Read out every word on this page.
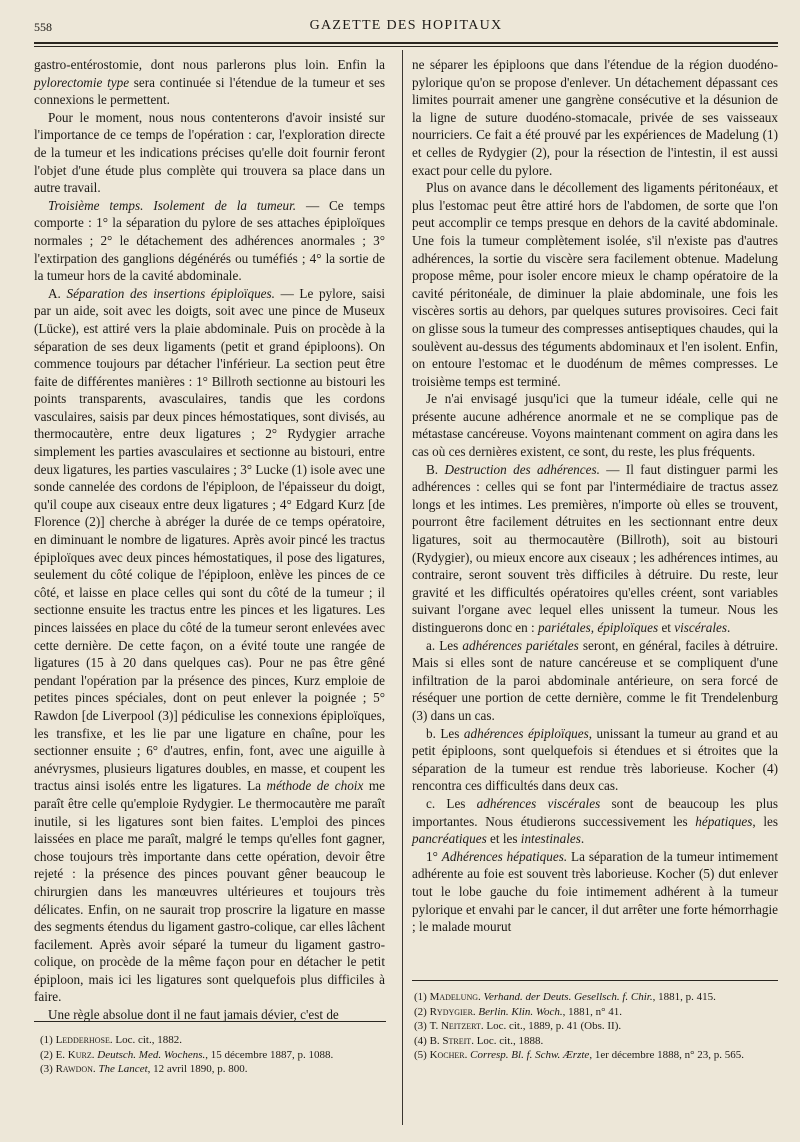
558	GAZETTE DES HOPITAUX

gastro-entérostomie, dont nous parlerons plus loin. Enfin la pylorectomie type sera continuée si l'étendue de la tumeur et ses connexions le permettent.

Pour le moment, nous nous contenterons d'avoir insisté sur l'importance de ce temps de l'opération : car, l'exploration directe de la tumeur et les indications précises qu'elle doit fournir feront l'objet d'une étude plus complète qui trouvera sa place dans un autre travail.

Troisième temps. Isolement de la tumeur. — Ce temps comporte : 1° la séparation du pylore de ses attaches épiploïques normales ; 2° le détachement des adhérences anormales ; 3° l'extirpation des ganglions dégénérés ou tuméfiés ; 4° la sortie de la tumeur hors de la cavité abdominale.

A. Séparation des insertions épiploïques. — Le pylore, saisi par un aide, soit avec les doigts, soit avec une pince de Museux (Lücke), est attiré vers la plaie abdominale. Puis on procède à la séparation de ses deux ligaments (petit et grand épiploons). On commence toujours par détacher l'inférieur. La section peut être faite de différentes manières : 1° Billroth sectionne au bistouri les points transparents, avasculaires, tandis que les cordons vasculaires, saisis par deux pinces hémostatiques, sont divisés, au thermocautère, entre deux ligatures ; 2° Rydygier arrache simplement les parties avasculaires et sectionne au bistouri, entre deux ligatures, les parties vasculaires ; 3° Lucke (1) isole avec une sonde cannelée des cordons de l'épiploon, de l'épaisseur du doigt, qu'il coupe aux ciseaux entre deux ligatures ; 4° Edgard Kurz [de Florence (2)] cherche à abréger la durée de ce temps opératoire, en diminuant le nombre de ligatures. Après avoir pincé les tractus épiploïques avec deux pinces hémostatiques, il pose des ligatures, seulement du côté colique de l'épiploon, enlève les pinces de ce côté, et laisse en place celles qui sont du côté de la tumeur ; il sectionne ensuite les tractus entre les pinces et les ligatures. Les pinces laissées en place du côté de la tumeur seront enlevées avec cette dernière. De cette façon, on a évité toute une rangée de ligatures (15 à 20 dans quelques cas). Pour ne pas être gêné pendant l'opération par la présence des pinces, Kurz emploie de petites pinces spéciales, dont on peut enlever la poignée ; 5° Rawdon [de Liverpool (3)] pédiculise les connexions épiploïques, les transfixe, et les lie par une ligature en chaîne, pour les sectionner ensuite ; 6° d'autres, enfin, font, avec une aiguille à anévrysmes, plusieurs ligatures doubles, en masse, et coupent les tractus ainsi isolés entre les ligatures. La méthode de choix me paraît être celle qu'emploie Rydygier. Le thermocautère me paraît inutile, si les ligatures sont bien faites. L'emploi des pinces laissées en place me paraît, malgré le temps qu'elles font gagner, chose toujours très importante dans cette opération, devoir être rejeté : la présence des pinces pouvant gêner beaucoup le chirurgien dans les manœuvres ultérieures et toujours très délicates. Enfin, on ne saurait trop proscrire la ligature en masse des segments étendus du ligament gastro-colique, car elles lâchent facilement. Après avoir séparé la tumeur du ligament gastro-colique, on procède de la même façon pour en détacher le petit épiploon, mais ici les ligatures sont quelquefois plus difficiles à faire.

Une règle absolue dont il ne faut jamais dévier, c'est de

ne séparer les épiploons que dans l'étendue de la région duodéno-pylorique qu'on se propose d'enlever. Un détachement dépassant ces limites pourrait amener une gangrène consécutive et la désunion de la ligne de suture duodéno-stomacale, privée de ses vaisseaux nourriciers. Ce fait a été prouvé par les expériences de Madelung (1) et celles de Rydygier (2), pour la résection de l'intestin, il est aussi exact pour celle du pylore.

Plus on avance dans le décollement des ligaments péritonéaux, et plus l'estomac peut être attiré hors de l'abdomen, de sorte que l'on peut accomplir ce temps presque en dehors de la cavité abdominale. Une fois la tumeur complètement isolée, s'il n'existe pas d'autres adhérences, la sortie du viscère sera facilement obtenue. Madelung propose même, pour isoler encore mieux le champ opératoire de la cavité péritonéale, de diminuer la plaie abdominale, une fois les viscères sortis au dehors, par quelques sutures provisoires. Ceci fait on glisse sous la tumeur des compresses antiseptiques chaudes, qui la soulèvent au-dessus des téguments abdominaux et l'en isolent. Enfin, on entoure l'estomac et le duodénum de mêmes compresses. Le troisième temps est terminé.

Je n'ai envisagé jusqu'ici que la tumeur idéale, celle qui ne présente aucune adhérence anormale et ne se complique pas de métastase cancéreuse. Voyons maintenant comment on agira dans les cas où ces dernières existent, ce sont, du reste, les plus fréquents.

B. Destruction des adhérences. — Il faut distinguer parmi les adhérences : celles qui se font par l'intermédiaire de tractus assez longs et les intimes. Les premières, n'importe où elles se trouvent, pourront être facilement détruites en les sectionnant entre deux ligatures, soit au thermocautère (Billroth), soit au bistouri (Rydygier), ou mieux encore aux ciseaux ; les adhérences intimes, au contraire, seront souvent très difficiles à détruire. Du reste, leur gravité et les difficultés opératoires qu'elles créent, sont variables suivant l'organe avec lequel elles unissent la tumeur. Nous les distinguerons donc en : pariétales, épiploïques et viscérales.

a. Les adhérences pariétales seront, en général, faciles à détruire. Mais si elles sont de nature cancéreuse et se compliquent d'une infiltration de la paroi abdominale antérieure, on sera forcé de réséquer une portion de cette dernière, comme le fit Trendelenburg (3) dans un cas.

b. Les adhérences épiploïques, unissant la tumeur au grand et au petit épiploons, sont quelquefois si étendues et si étroites que la séparation de la tumeur est rendue très laborieuse. Kocher (4) rencontra ces difficultés dans deux cas.

c. Les adhérences viscérales sont de beaucoup les plus importantes. Nous étudierons successivement les hépatiques, les pancréatiques et les intestinales.

1° Adhérences hépatiques. La séparation de la tumeur intimement adhérente au foie est souvent très laborieuse. Kocher (5) dut enlever tout le lobe gauche du foie intimement adhérent à la tumeur pylorique et envahi par le cancer, il dut arrêter une forte hémorrhagie ; le malade mourut

(1) Ledderhose. Loc. cit., 1882.
(2) E. Kurz. Deutsch. Med. Wochens., 15 décembre 1887, p. 1088.
(3) Rawdon. The Lancet, 12 avril 1890, p. 800.
(1) Madelung. Verhand. der Deuts. Gesellsch. f. Chir., 1881, p. 415.
(2) Rydygier. Berlin. Klin. Woch., 1881, n° 41.
(3) T. Neitzert. Loc. cit., 1889, p. 41 (Obs. II).
(4) B. Streit. Loc. cit., 1888.
(5) Kocher. Corresp. Bl. f. Schw. Ærzte, 1er décembre 1888, n° 23, p. 565.
